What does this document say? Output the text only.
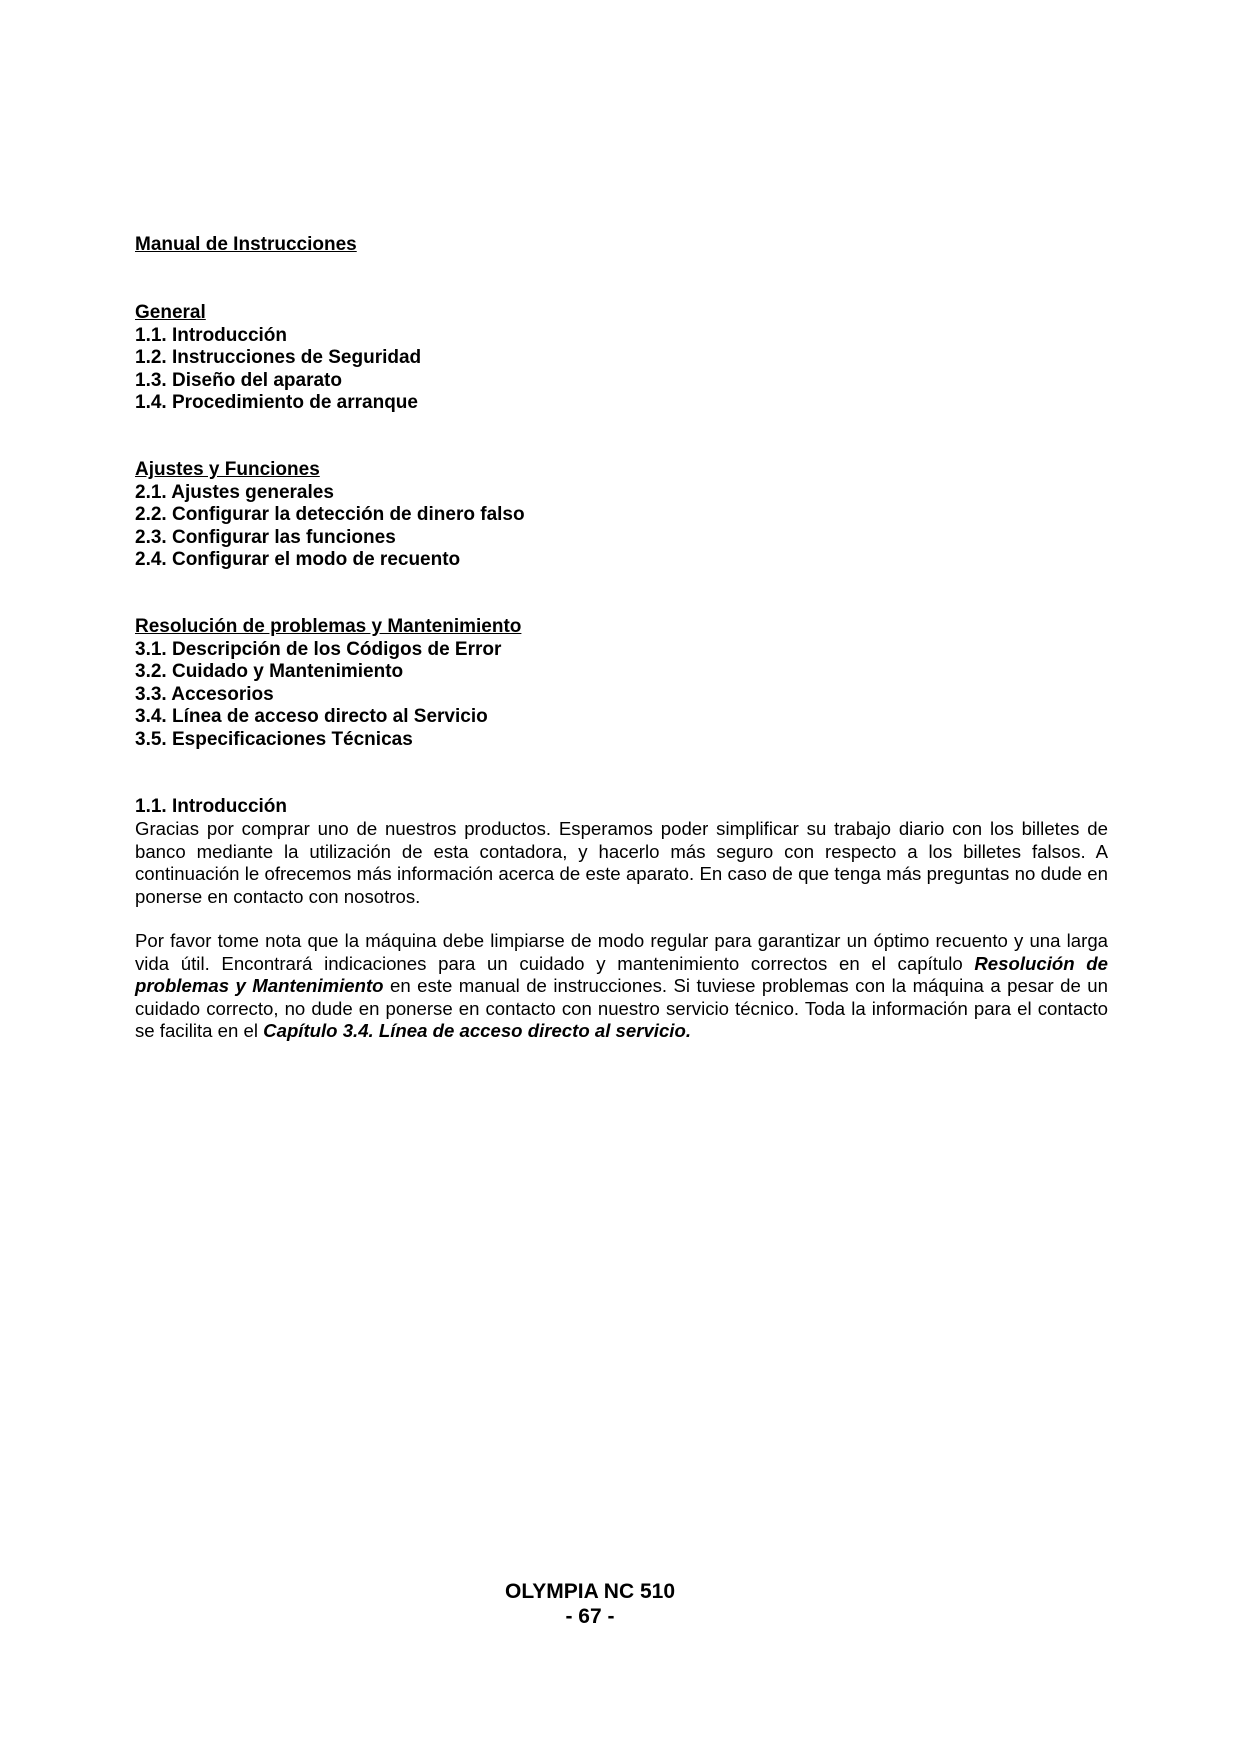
Manual de Instrucciones
General
1.1. Introducción
1.2. Instrucciones de Seguridad
1.3. Diseño del aparato
1.4. Procedimiento de arranque
Ajustes y Funciones
2.1. Ajustes generales
2.2. Configurar la detección de dinero falso
2.3. Configurar las funciones
2.4. Configurar el modo de recuento
Resolución de problemas y Mantenimiento
3.1. Descripción de los Códigos de Error
3.2. Cuidado y Mantenimiento
3.3. Accesorios
3.4. Línea de acceso directo al Servicio
3.5. Especificaciones Técnicas
1.1. Introducción

Gracias por comprar uno de nuestros productos. Esperamos poder simplificar su trabajo diario con los billetes de banco mediante la utilización de esta contadora, y hacerlo más seguro con respecto a los billetes falsos. A continuación le ofrecemos más información acerca de este aparato. En caso de que tenga más preguntas no dude en ponerse en contacto con nosotros.

Por favor tome nota que la máquina debe limpiarse de modo regular para garantizar un óptimo recuento y una larga vida útil. Encontrará indicaciones para un cuidado y mantenimiento correctos en el capítulo Resolución de problemas y Mantenimiento en este manual de instrucciones. Si tuviese problemas con la máquina a pesar de un cuidado correcto, no dude en ponerse en contacto con nuestro servicio técnico. Toda la información para el contacto se facilita en el Capítulo 3.4. Línea de acceso directo al servicio.

OLYMPIA NC 510
- 67 -
